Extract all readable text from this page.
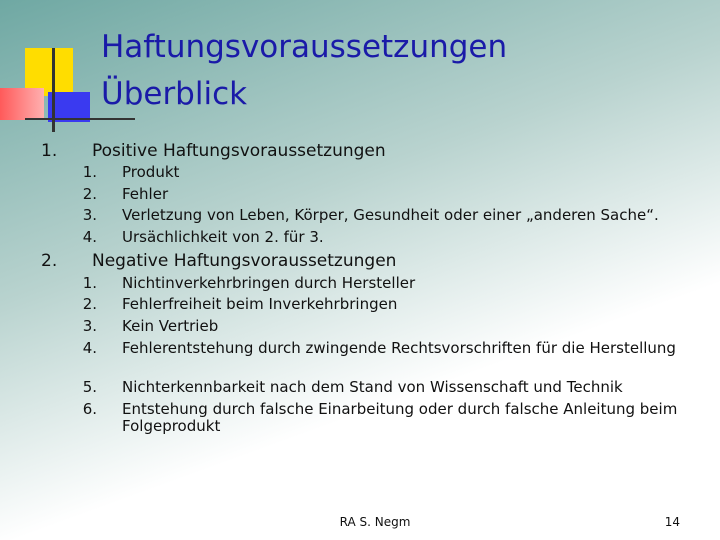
Haftungsvoraussetzungen
Überblick
1. Positive Haftungsvoraussetzungen
1. Produkt
2. Fehler
3. Verletzung von Leben, Körper, Gesundheit oder einer „anderen Sache“.
4. Ursächlichkeit von 2. für 3.
2. Negative Haftungsvoraussetzungen
1. Nichtinverkehrbringen durch Hersteller
2. Fehlerfreiheit beim Inverkehrbringen
3. Kein Vertrieb
4. Fehlerentstehung durch zwingende Rechtsvorschriften für die Herstellung
5. Nichterkennbarkeit nach dem Stand von Wissenschaft und Technik
6. Entstehung durch falsche Einarbeitung oder durch falsche Anleitung beim Folgeprodukt
RA S. Negm	14
